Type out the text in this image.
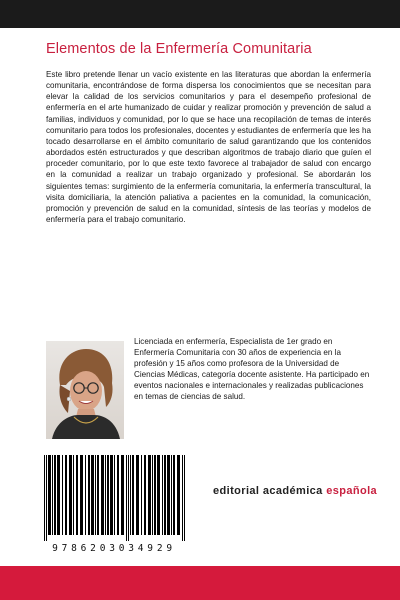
Elementos de la Enfermería Comunitaria

Este libro pretende llenar un vacío existente en las literaturas que abordan la enfermería comunitaria, encontrándose de forma dispersa los conocimientos que se necesitan para elevar la calidad de los servicios comunitarios y para el desempeño profesional de enfermería en el arte humanizado de cuidar y realizar promoción y prevención de salud a familias, individuos y comunidad, por lo que se hace una recopilación de temas de interés comunitario para todos los profesionales, docentes y estudiantes de enfermería que les ha tocado desarrollarse en el ámbito comunitario de salud garantizando que los contenidos abordados estén estructurados y que describan algoritmos de trabajo diario que guíen el proceder comunitario, por lo que este texto favorece al trabajador de salud con encargo en la comunidad a realizar un trabajo organizado y profesional. Se abordarán los siguientes temas: surgimiento de la enfermería comunitaria, la enfermería transcultural, la visita domiciliaria, la atención paliativa a pacientes en la comunidad, la comunicación, promoción y prevención de salud en la comunidad, síntesis de las teorías y modelos de enfermería para el trabajo comunitario.

Licenciada en enfermería, Especialista de 1er grado en Enfermería Comunitaria con 30 años de experiencia en la profesión y 15 años como profesora de la Universidad de Ciencias Médicas, categoría docente asistente. Ha participado en eventos nacionales e internacionales y realizadas publicaciones en temas de ciencias de salud.

9786203034929
editorial académica española
